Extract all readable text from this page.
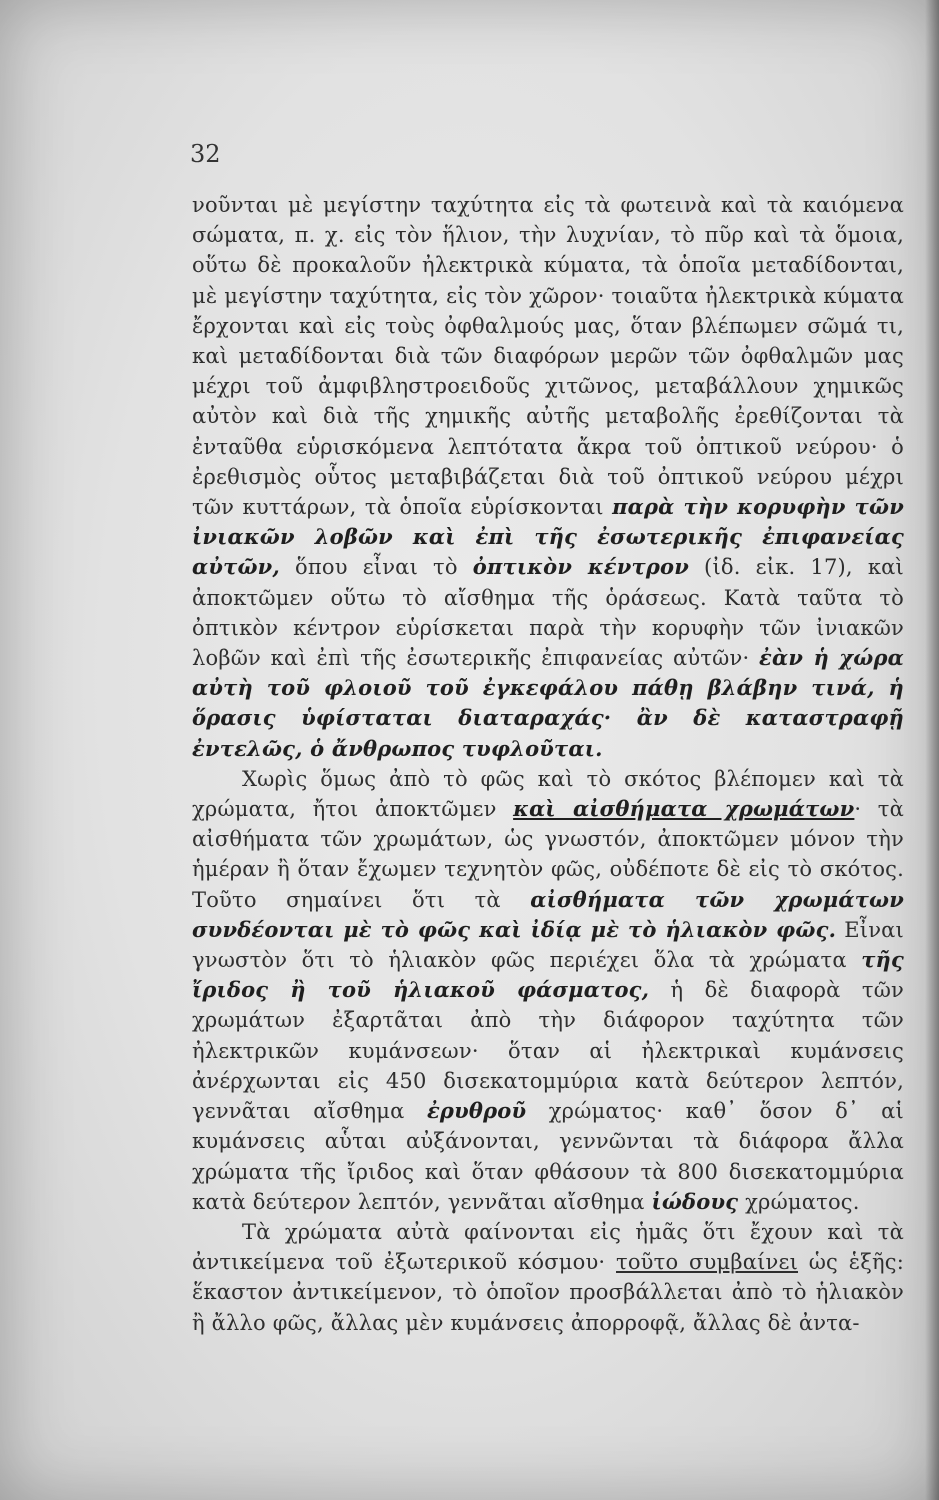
32

νοῦνται μὲ μεγίστην ταχύτητα εἰς τὰ φωτεινὰ καὶ τὰ καιόμενα σώματα, π. χ. εἰς τὸν ἥλιον, τὴν λυχνίαν, τὸ πῦρ καὶ τὰ ὅμοια, οὕτω δὲ προκαλοῦν ἠλεκτρικὰ κύματα, τὰ ὁποῖα μεταδίδονται, μὲ μεγίστην ταχύτητα, εἰς τὸν χῶρον· τοιαῦτα ἠλεκτρικὰ κύματα ἔρχονται καὶ εἰς τοὺς ὀφθαλμούς μας, ὅταν βλέπωμεν σῶμά τι, καὶ μεταδίδονται διὰ τῶν διαφόρων μερῶν τῶν ὀφθαλμῶν μας μέχρι τοῦ ἀμφιβληστροειδοῦς χιτῶνος, μεταβάλλουν χημικῶς αὐτὸν καὶ διὰ τῆς χημικῆς αὐτῆς μεταβολῆς ἐρεθίζονται τὰ ἐνταῦθα εὑρισκόμενα λεπτότατα ἄκρα τοῦ ὀπτικοῦ νεύρου· ὁ ἐρεθισμὸς οὗτος μεταβιβάζεται διὰ τοῦ ὀπτικοῦ νεύρου μέχρι τῶν κυττάρων, τὰ ὁποῖα εὑρίσκονται παρὰ τὴν κορυφὴν τῶν ἰνιακῶν λοβῶν καὶ ἐπὶ τῆς ἐσωτερικῆς ἐπιφανείας αὐτῶν, ὅπου εἶναι τὸ ὀπτικὸν κέντρον (ἰδ. εἰκ. 17), καὶ ἀποκτῶμεν οὕτω τὸ αἴσθημα τῆς ὁράσεως. Κατὰ ταῦτα τὸ ὀπτικὸν κέντρον εὑρίσκεται παρὰ τὴν κορυφὴν τῶν ἰνιακῶν λοβῶν καὶ ἐπὶ τῆς ἐσωτερικῆς ἐπιφανείας αὐτῶν· ἐὰν ἡ χώρα αὐτὴ τοῦ φλοιοῦ τοῦ ἐγκεφάλου πάθῃ βλάβην τινά, ἡ ὅρασις ὑφίσταται διαταραχάς· ἂν δὲ καταστραφῇ ἐντελῶς, ὁ ἄνθρωπος τυφλοῦται.

Χωρὶς ὅμως ἀπὸ τὸ φῶς καὶ τὸ σκότος βλέπομεν καὶ τὰ χρώματα, ἤτοι ἀποκτῶμεν καὶ αἰσθήματα χρωμάτων· τὰ αἰσθήματα τῶν χρωμάτων, ὡς γνωστόν, ἀποκτῶμεν μόνον τὴν ἡμέραν ἢ ὅταν ἔχωμεν τεχνητὸν φῶς, οὐδέποτε δὲ εἰς τὸ σκότος. Τοῦτο σημαίνει ὅτι τὰ αἰσθήματα τῶν χρωμάτων συνδέονται μὲ τὸ φῶς καὶ ἰδίᾳ μὲ τὸ ἡλιακὸν φῶς. Εἶναι γνωστὸν ὅτι τὸ ἡλιακὸν φῶς περιέχει ὅλα τὰ χρώματα τῆς ἴριδος ἢ τοῦ ἡλιακοῦ φάσματος, ἡ δὲ διαφορὰ τῶν χρωμάτων ἐξαρτᾶται ἀπὸ τὴν διάφορον ταχύτητα τῶν ἠλεκτρικῶν κυμάνσεων· ὅταν αἱ ἠλεκτρικαὶ κυμάνσεις ἀνέρχωνται εἰς 450 δισεκατομμύρια κατὰ δεύτερον λεπτόν, γεννᾶται αἴσθημα ἐρυθροῦ χρώματος· καθ᾽ ὅσον δ᾽ αἱ κυμάνσεις αὗται αὐξάνονται, γεννῶνται τὰ διάφορα ἄλλα χρώματα τῆς ἴριδος καὶ ὅταν φθάσουν τὰ 800 δισεκατομμύρια κατὰ δεύτερον λεπτόν, γεννᾶται αἴσθημα ἰώδους χρώματος.

Τὰ χρώματα αὐτὰ φαίνονται εἰς ἡμᾶς ὅτι ἔχουν καὶ τὰ ἀντικείμενα τοῦ ἐξωτερικοῦ κόσμου· τοῦτο συμβαίνει ὡς ἑξῆς: ἕκαστον ἀντικείμενον, τὸ ὁποῖον προσβάλλεται ἀπὸ τὸ ἡλιακὸν ἢ ἄλλο φῶς, ἄλλας μὲν κυμάνσεις ἀπορροφᾷ, ἄλλας δὲ ἀντα-
